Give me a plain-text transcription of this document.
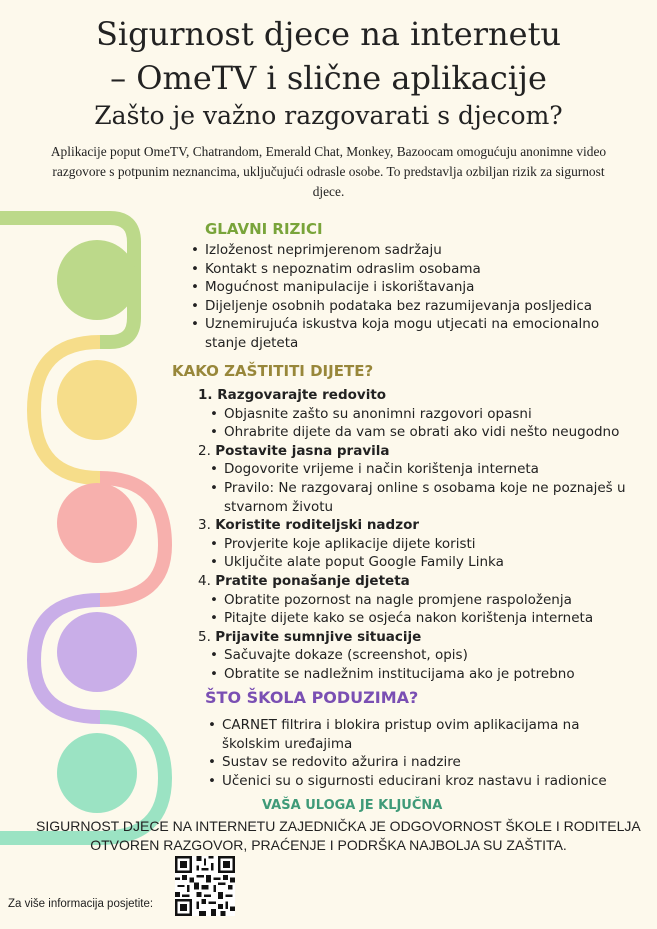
Sigurnost djece na internetu
– OmeTV i slične aplikacije
Zašto je važno razgovarati s djecom?
Aplikacije poput OmeTV, Chatrandom, Emerald Chat, Monkey, Bazoocam omogućuju anonimne video razgovore s potpunim neznancima, uključujući odrasle osobe. To predstavlja ozbiljan rizik za sigurnost djece.
GLAVNI RIZICI
• Izloženost neprimjerenom sadržaju
• Kontakt s nepoznatim odraslim osobama
• Mogućnost manipulacije i iskorištavanja
• Dijeljenje osobnih podataka bez razumijevanja posljedica
• Uznemirujuća iskustva koja mogu utjecati na emocionalno stanje djeteta
KAKO ZAŠTITITI DIJETE?
1. Razgovarajte redovito
• Objasnite zašto su anonimni razgovori opasni
• Ohrabrite dijete da vam se obrati ako vidi nešto neugodno
2. Postavite jasna pravila
• Dogovorite vrijeme i način korištenja interneta
• Pravilo: Ne razgovaraj online s osobama koje ne poznaješ u stvarnom životu
3. Koristite roditeljski nadzor
• Provjerite koje aplikacije dijete koristi
• Uključite alate poput Google Family Linka
4. Pratite ponašanje djeteta
• Obratite pozornost na nagle promjene raspoloženja
• Pitajte dijete kako se osjeća nakon korištenja interneta
5. Prijavite sumnjive situacije
• Sačuvajte dokaze (screenshot, opis)
• Obratite se nadležnim institucijama ako je potrebno
ŠTO ŠKOLA PODUZIMA?
• CARNET filtrira i blokira pristup ovim aplikacijama na školskim uređajima
• Sustav se redovito ažurira i nadzire
• Učenici su o sigurnosti educirani kroz nastavu i radionice
VAŠA ULOGA JE KLJUČNA
SIGURNOST DJECE NA INTERNETU ZAJEDNIČKA JE ODGOVORNOST ŠKOLE I RODITELJA
OTVOREN RAZGOVOR, PRAĆENJE I PODRŠKA NAJBOLJA SU ZAŠTITA.
Za više informacija posjetite:
